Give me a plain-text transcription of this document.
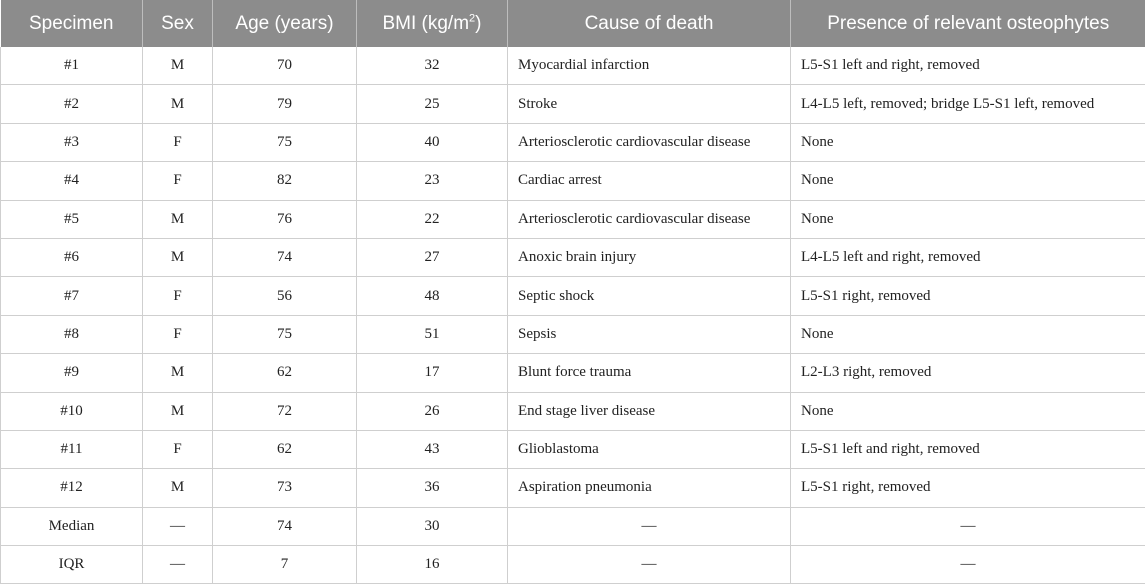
Specimen	Sex	Age (years)	BMI $(kg/m^2)$	Cause of death	Presence of relevant osteophytes
#1	M	70	32	Myocardial infarction	L5-S1 left and right, removed
#2	M	79	25	Stroke	L4-L5 left, removed; bridge L5-S1 left, removed
#3	F	75	40	Arteriosclerotic cardiovascular disease	None
#4	F	82	23	Cardiac arrest	None
#5	M	76	22	Arteriosclerotic cardiovascular disease	None
#6	M	74	27	Anoxic brain injury	L4-L5 left and right, removed
#7	F	56	48	Septic shock	L5-S1 right, removed
#8	F	75	51	Sepsis	None
#9	M	62	17	Blunt force trauma	L2-L3 right, removed
#10	M	72	26	End stage liver disease	None
#11	F	62	43	Glioblastoma	L5-S1 left and right, removed
#12	M	73	36	Aspiration pneumonia	L5-S1 right, removed
Median	—	74	30	—	—
IQR	—	7	16	—	—
